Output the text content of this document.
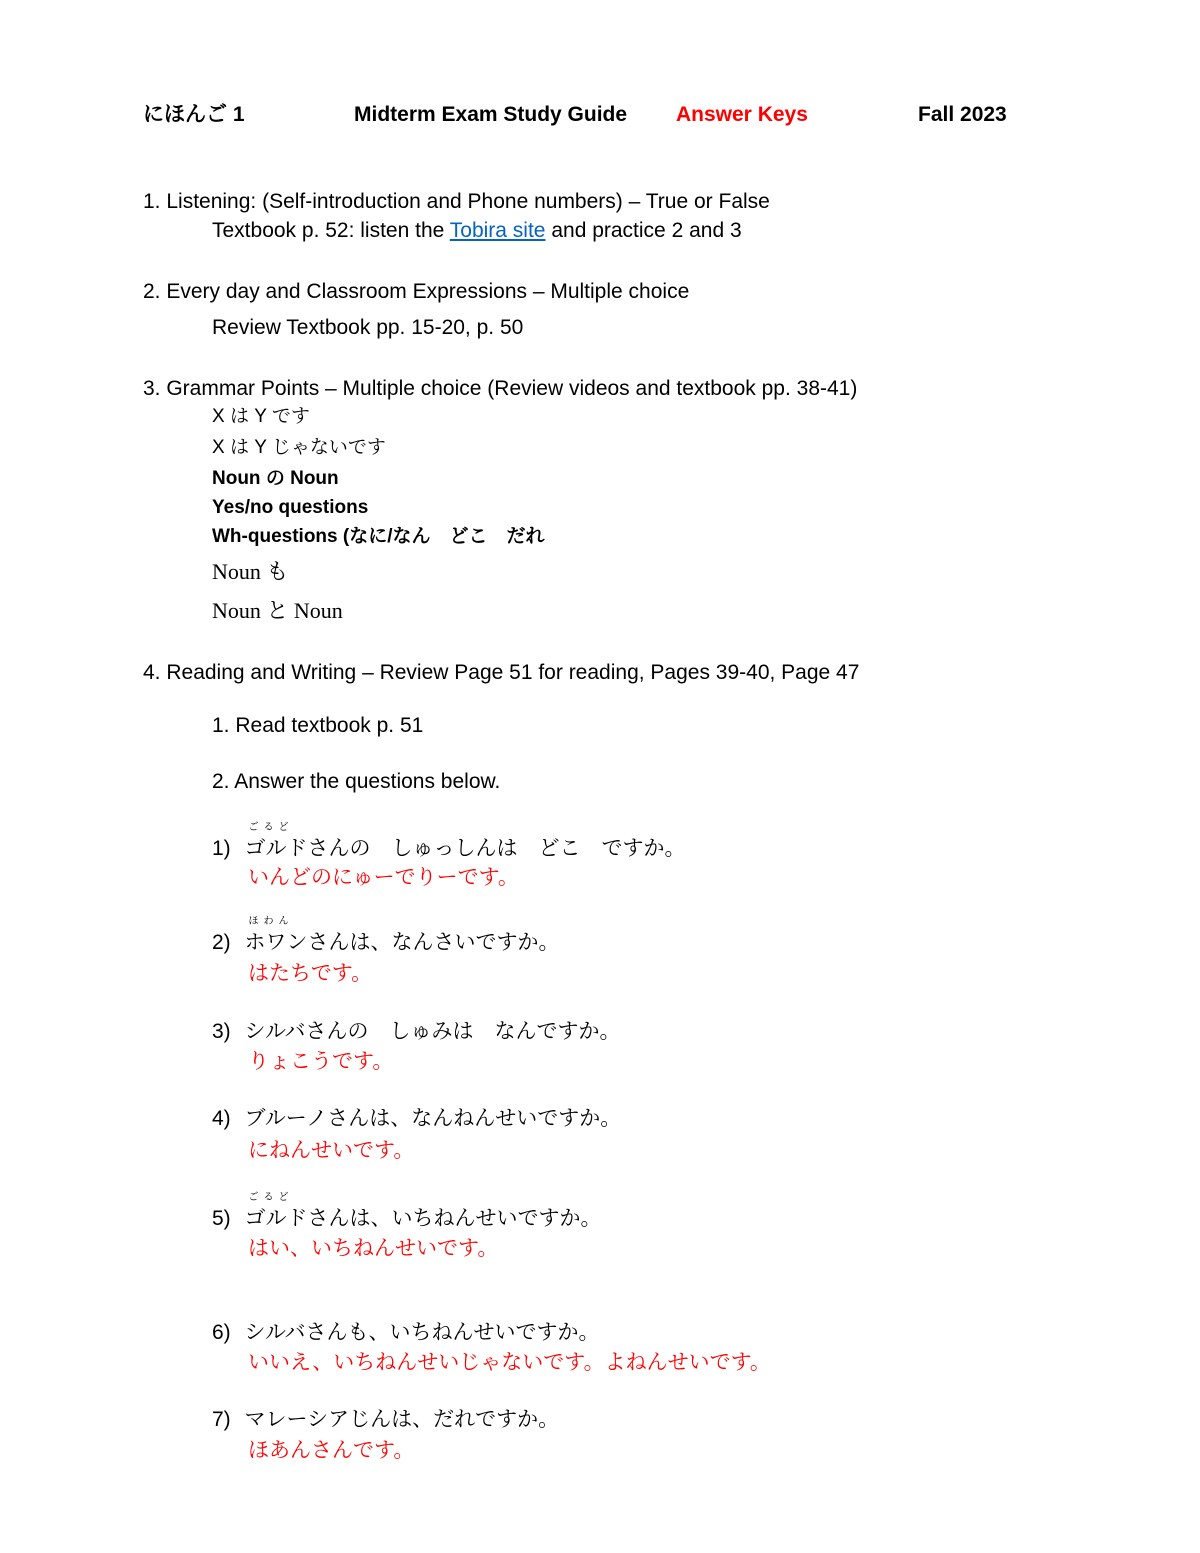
にほんご 1	Midterm Exam Study Guide Answer Keys	Fall 2023
1. Listening: (Self-introduction and Phone numbers) – True or False
Textbook p. 52: listen the Tobira site and practice 2 and 3
2. Every day and Classroom Expressions – Multiple choice
Review Textbook pp. 15-20, p. 50
3. Grammar Points – Multiple choice (Review videos and textbook pp. 38-41)
X は Y です
X は Y じゃないです
Noun の Noun
Yes/no questions
Wh-questions (なに/なん　どこ　だれ
Noun も
Noun と Noun
4. Reading and Writing – Review Page 51 for reading, Pages 39-40, Page 47
1. Read textbook p. 51
2. Answer the questions below.
1)
ごるど
ゴルドさんの　しゅっしんは　どこ　ですか。
いんどのにゅーでりーです。
2)
ほわん
ホワンさんは、なんさいですか。
はたちです。
3) シルバさんの　しゅみは　なんですか。
りょこうです。
4) ブルーノさんは、なんねんせいですか。
にねんせいです。
5)
ごるど
ゴルドさんは、いちねんせいですか。
はい、いちねんせいです。
6) シルバさんも、いちねんせいですか。
いいえ、いちねんせいじゃないです。よねんせいです。
7) マレーシアじんは、だれですか。
ほあんさんです。
